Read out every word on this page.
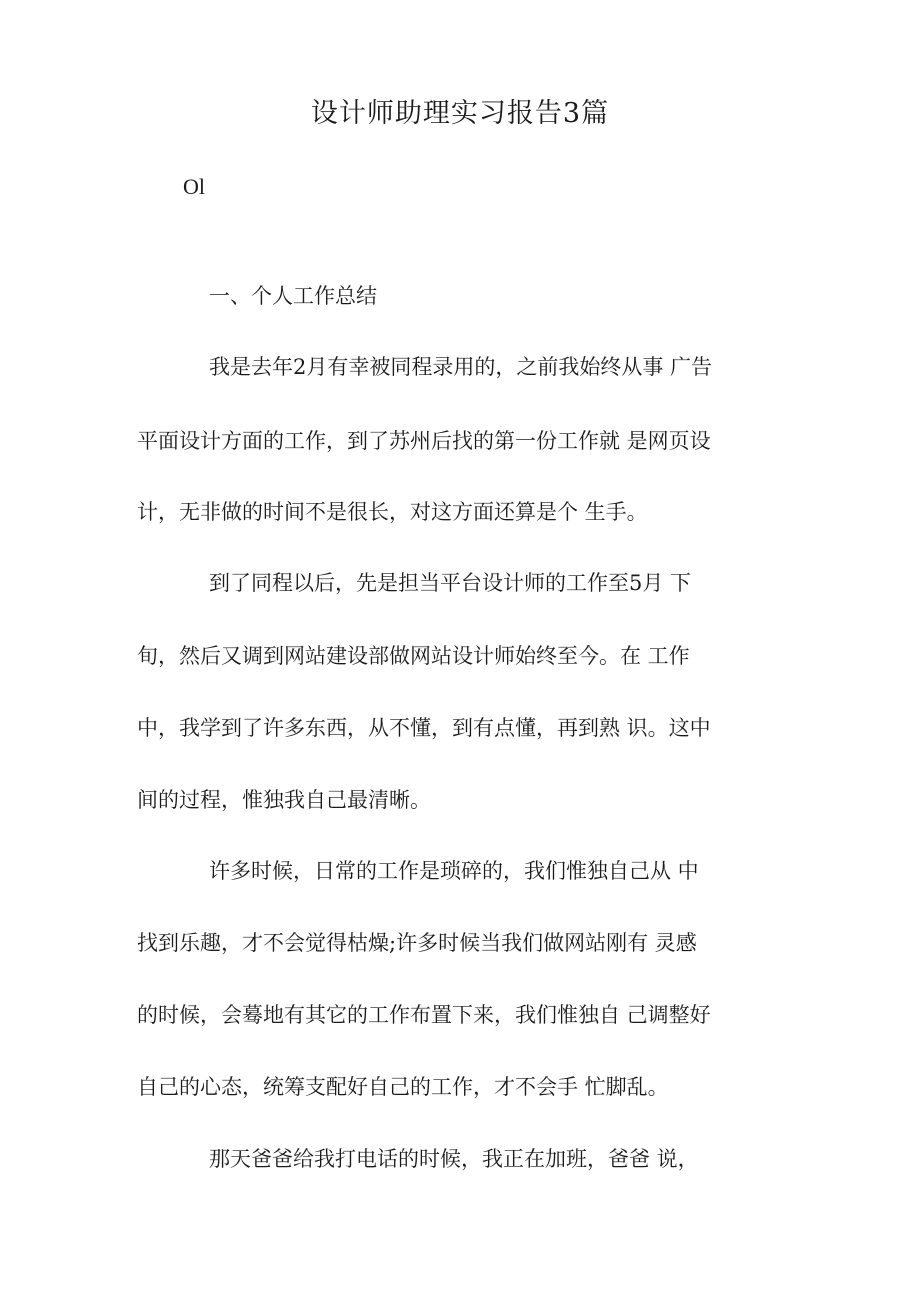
设计师助理实习报告3篇
Ol
一、个人工作总结
我是去年2月有幸被同程录用的，之前我始终从事 广告
平面设计方面的工作，到了苏州后找的第一份工作就 是网页设
计，无非做的时间不是很长，对这方面还算是个 生手。
到了同程以后，先是担当平台设计师的工作至5月 下
旬，然后又调到网站建设部做网站设计师始终至今。在 工作
中，我学到了许多东西，从不懂，到有点懂，再到熟 识。这中
间的过程，惟独我自己最清晰。
许多时候，日常的工作是琐碎的，我们惟独自己从 中
找到乐趣，才不会觉得枯燥;许多时候当我们做网站刚有 灵感
的时候，会蓦地有其它的工作布置下来，我们惟独自 己调整好
自己的心态，统筹支配好自己的工作，才不会手 忙脚乱。
那天爸爸给我打电话的时候，我正在加班，爸爸 说，
